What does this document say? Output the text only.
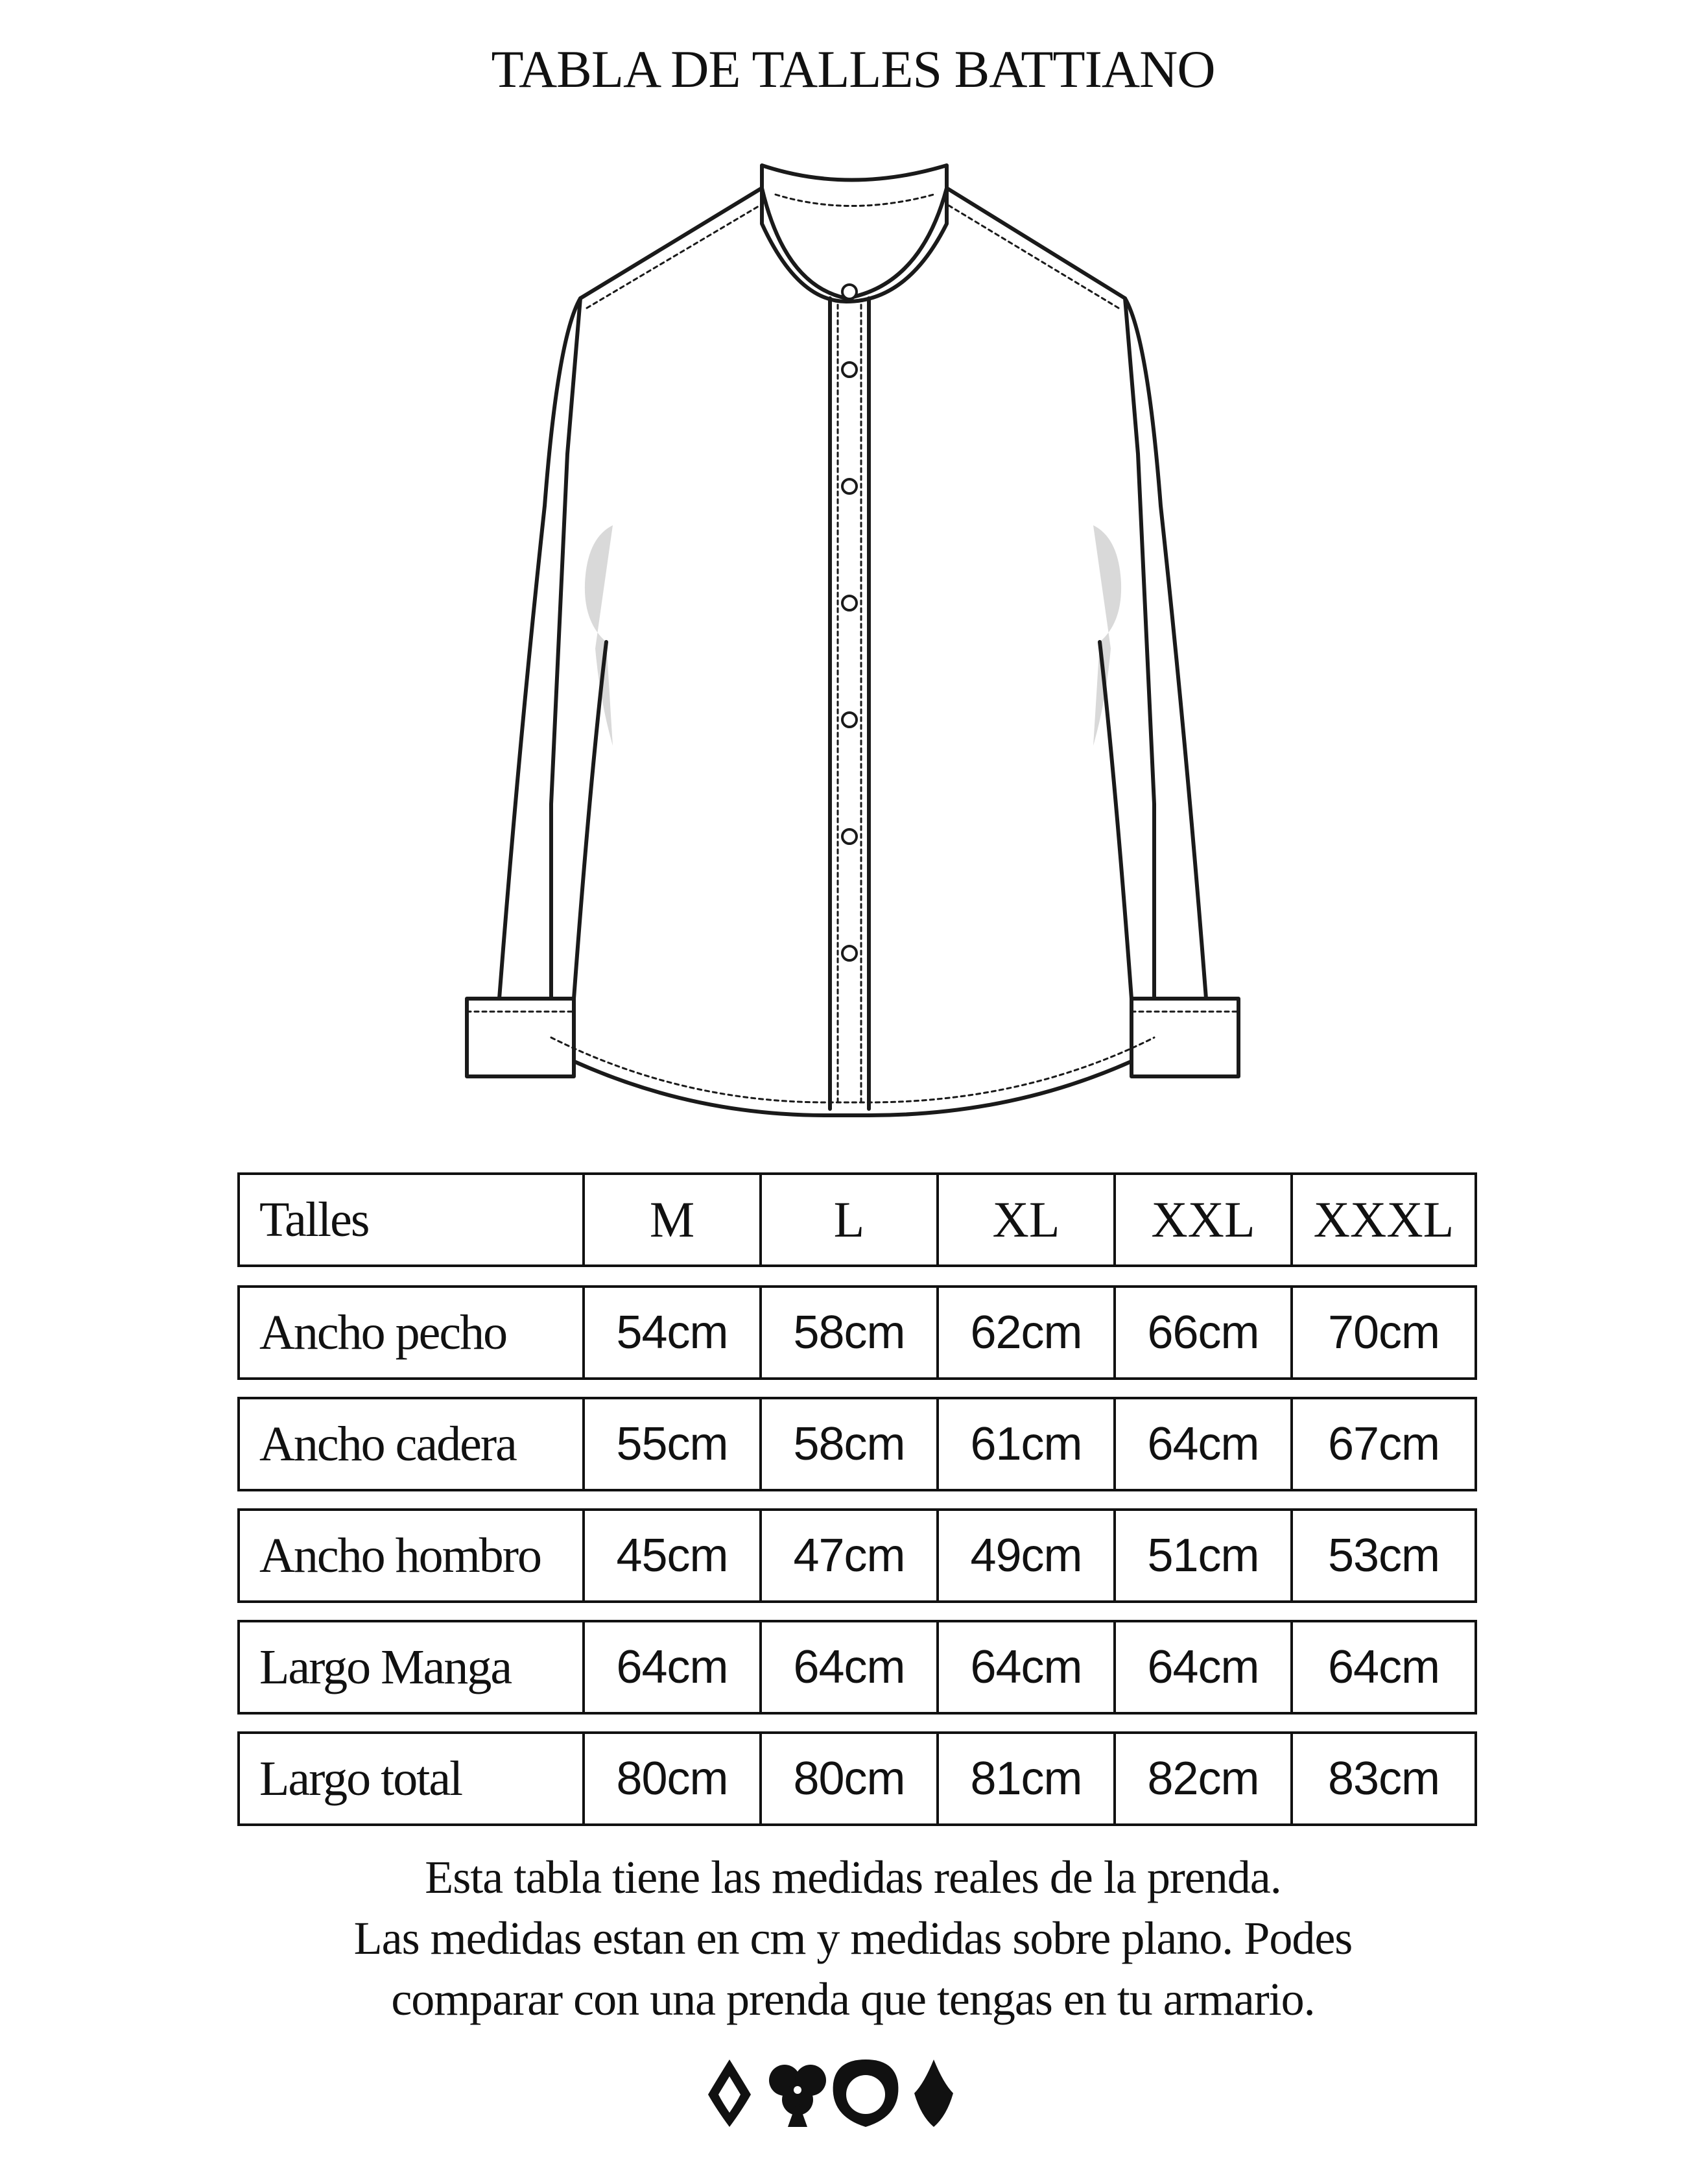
TABLA DE TALLES BATTIANO
Talles	M	L	XL XXL XXXL
Ancho pecho 54cm 58cm 62cm 66cm 70cm
Ancho cadera 55cm 58cm 61cm 64cm 67cm
Ancho hombro 45cm 47cm 49cm 51cm 53cm
Largo Manga 64cm 64cm 64cm 64cm 64cm
Largo total	80cm 80cm 81cm 82cm 83cm
Esta tabla tiene las medidas reales de la prenda.
Las medidas estan en cm y medidas sobre plano. Podes
comparar con una prenda que tengas en tu armario.
